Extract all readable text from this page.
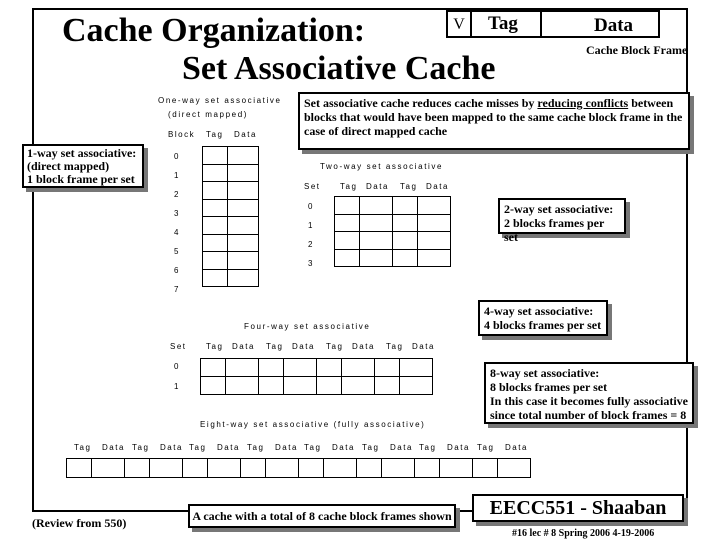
Cache Organization:
Set Associative Cache
V	Tag	Data
Cache Block Frame
Set associative cache reduces cache misses by reducing conflicts between blocks that would have been mapped to the same cache block frame in the case of direct mapped cache
One-way set associative
(direct mapped)
Block Tag Data
0
1
2
3
4
5
6
7

1-way set associative:
(direct mapped)
1 block frame per set
Two-way set associative
Set Tag Data Tag Data
0
1
2
3

2-way set associative:
2 blocks frames per set
4-way set associative:
4 blocks frames per set
Four-way set associative
Set Tag Data Tag Data Tag Data Tag Data
0
1

8-way set associative:
8 blocks frames per set
In this case it becomes fully associative
since total number of block frames = 8
Eight-way set associative (fully associative)
Tag Data Tag Data Tag Data Tag Data Tag Data Tag Data Tag Data Tag Data

(Review from 550)	A cache with a total of 8 cache block frames shown	EECC551 - Shaaban
#16 lec # 8 Spring 2006 4-19-2006
